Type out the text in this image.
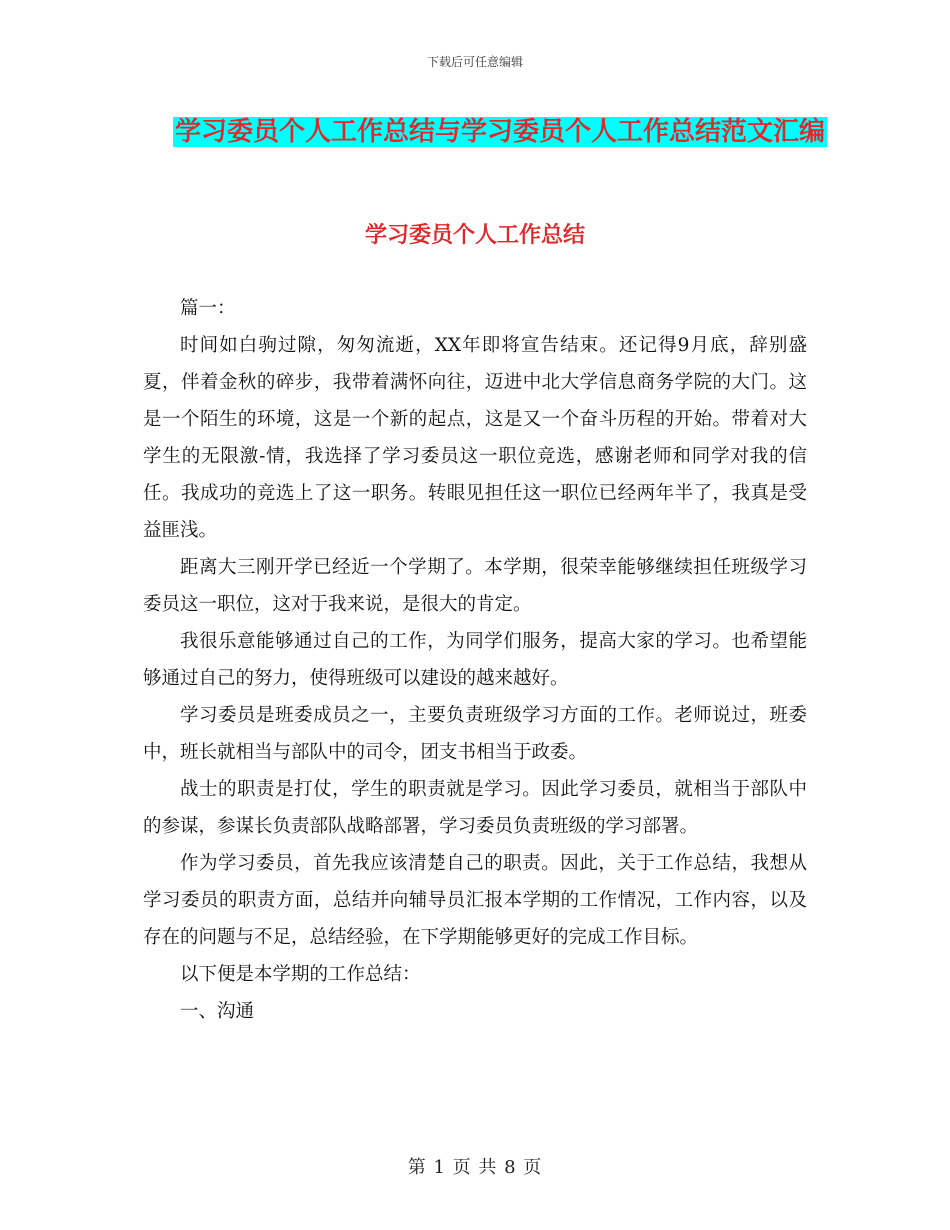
下载后可任意编辑
学习委员个人工作总结与学习委员个人工作总结范文汇编
学习委员个人工作总结

篇一：

时间如白驹过隙，匆匆流逝，XX年即将宣告结束。还记得9月底，辞别盛夏，伴着金秋的碎步，我带着满怀向往，迈进中北大学信息商务学院的大门。这是一个陌生的环境，这是一个新的起点，这是又一个奋斗历程的开始。带着对大学生的无限激-情，我选择了学习委员这一职位竞选，感谢老师和同学对我的信任。我成功的竞选上了这一职务。转眼见担任这一职位已经两年半了，我真是受益匪浅。

距离大三刚开学已经近一个学期了。本学期，很荣幸能够继续担任班级学习委员这一职位，这对于我来说，是很大的肯定。

我很乐意能够通过自己的工作，为同学们服务，提高大家的学习。也希望能够通过自己的努力，使得班级可以建设的越来越好。

学习委员是班委成员之一，主要负责班级学习方面的工作。老师说过，班委中，班长就相当与部队中的司令，团支书相当于政委。

战士的职责是打仗，学生的职责就是学习。因此学习委员，就相当于部队中的参谋，参谋长负责部队战略部署，学习委员负责班级的学习部署。

作为学习委员，首先我应该清楚自己的职责。因此，关于工作总结，我想从学习委员的职责方面，总结并向辅导员汇报本学期的工作情况，工作内容，以及存在的问题与不足，总结经验，在下学期能够更好的完成工作目标。

以下便是本学期的工作总结：

一、沟通

第 1 页 共 8 页
